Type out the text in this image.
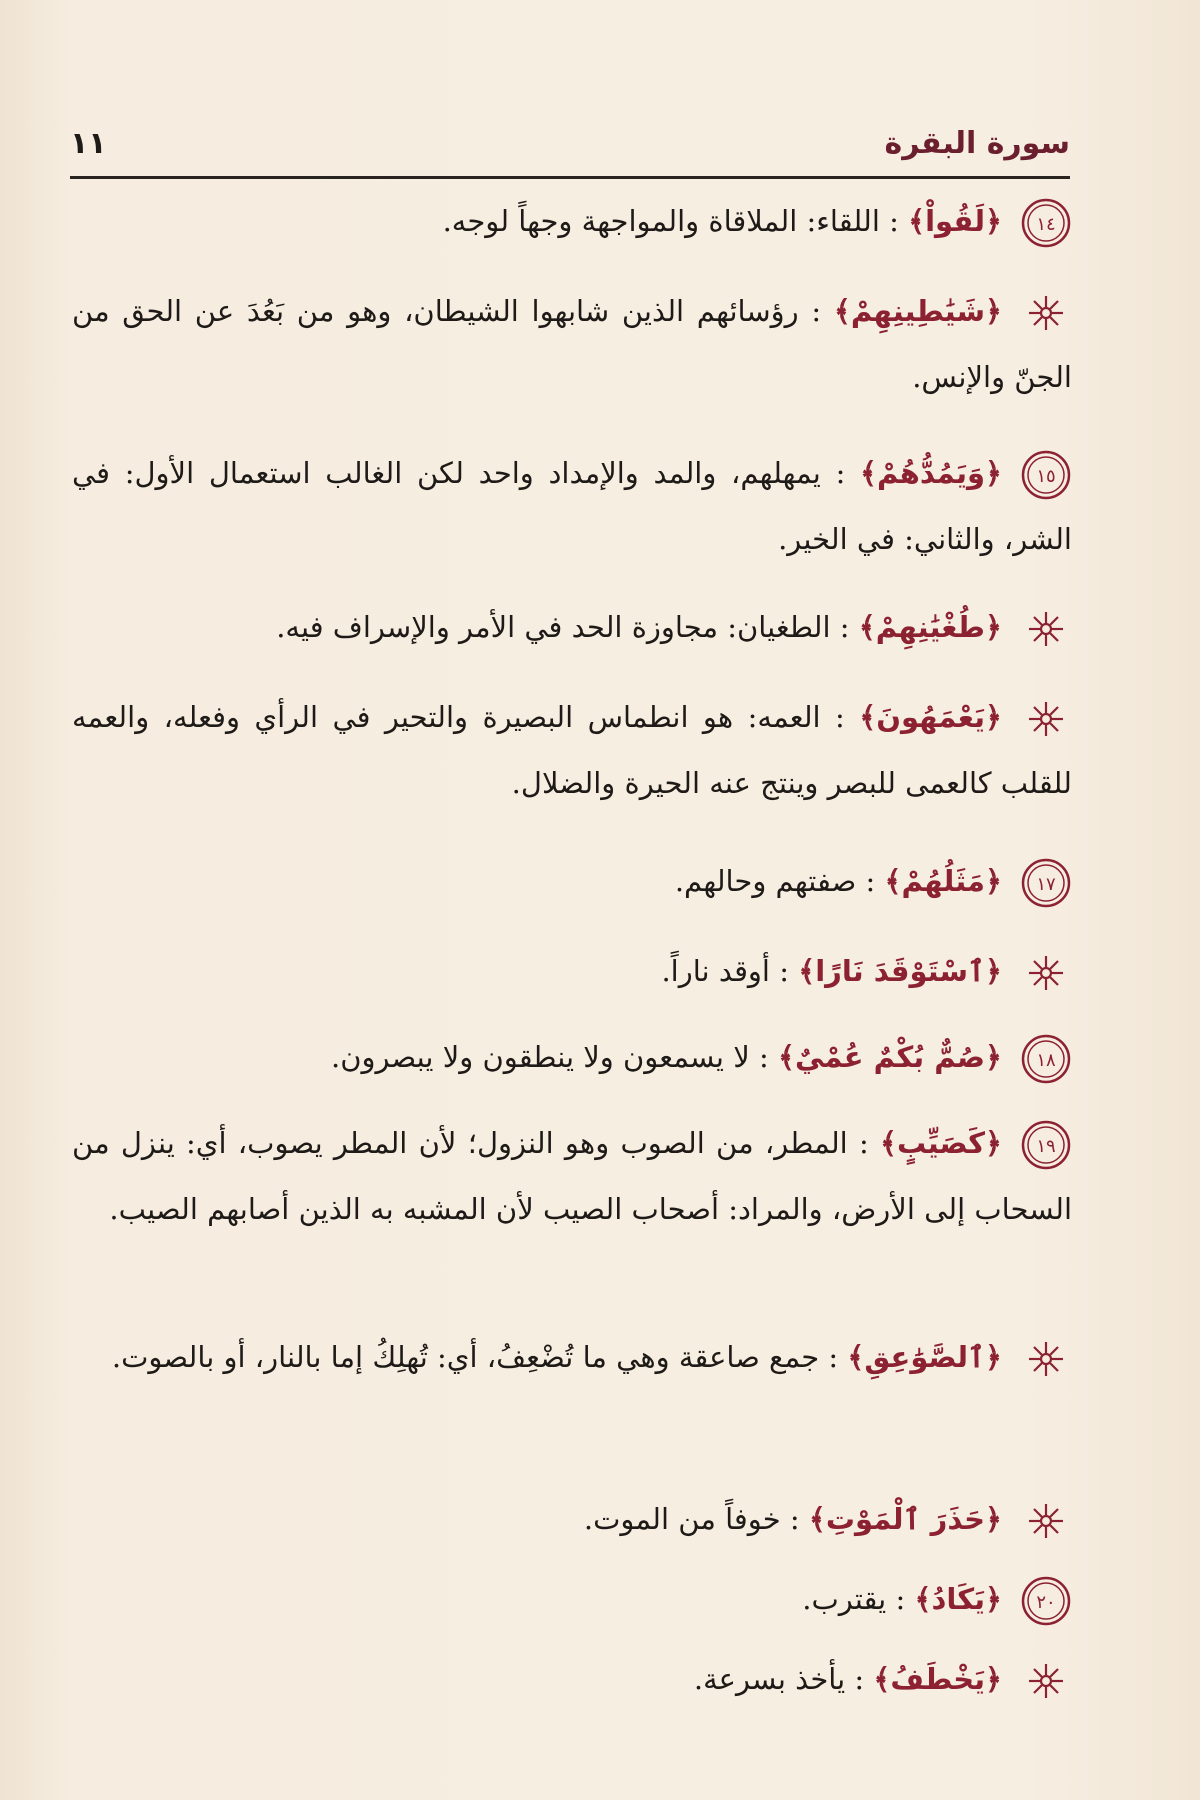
سورة البقرة
١١
١٤
﴿لَقُواْ﴾ : اللقاء: الملاقاة والمواجهة وجهاً لوجه.
﴿شَيَٰطِينِهِمْ﴾ : رؤسائهم الذين شابهوا الشيطان، وهو من بَعُدَ عن الحق من الجنّ والإنس.
١٥
﴿وَيَمُدُّهُمْ﴾ : يمهلهم، والمد والإمداد واحد لكن الغالب استعمال الأول: في الشر، والثاني: في الخير.
﴿طُغْيَٰنِهِمْ﴾ : الطغيان: مجاوزة الحد في الأمر والإسراف فيه.
﴿يَعْمَهُونَ﴾ : العمه: هو انطماس البصيرة والتحير في الرأي وفعله، والعمه للقلب كالعمى للبصر وينتج عنه الحيرة والضلال.
١٧
﴿مَثَلُهُمْ﴾ : صفتهم وحالهم.
﴿ٱسْتَوْقَدَ نَارًا﴾ : أوقد ناراً.
١٨
﴿صُمٌّ بُكْمٌ عُمْيٌ﴾ : لا يسمعون ولا ينطقون ولا يبصرون.
١٩
﴿كَصَيِّبٍ﴾ : المطر، من الصوب وهو النزول؛ لأن المطر يصوب، أي: ينزل من السحاب إلى الأرض، والمراد: أصحاب الصيب لأن المشبه به الذين أصابهم الصيب.
﴿ٱلصَّوَٰعِقِ﴾ : جمع صاعقة وهي ما تُضْعِفُ، أي: تُهلِكُ إما بالنار، أو بالصوت.
﴿حَذَرَ ٱلْمَوْتِ﴾ : خوفاً من الموت.
٢٠
﴿يَكَادُ﴾ : يقترب.
﴿يَخْطَفُ﴾ : يأخذ بسرعة.
